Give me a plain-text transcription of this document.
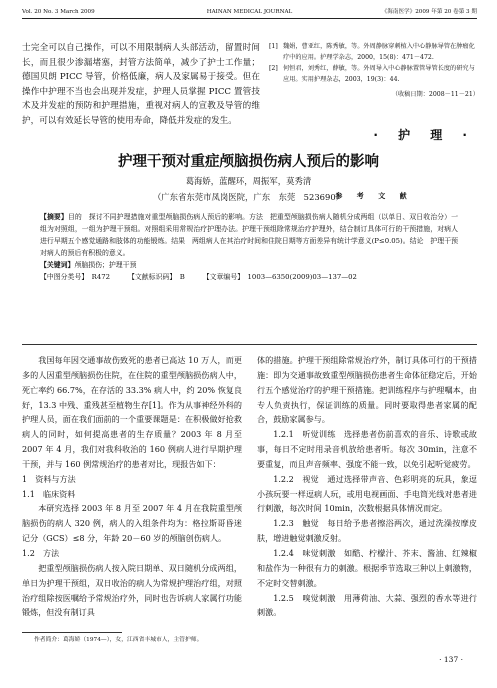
Vol. 20 No. 3 March 2009	HAINAN MEDICAL JOURNAL	《海南医学》2009 年第 20 卷第 3 期

士完全可以自己操作，可以不用限制病人头部活动，留置时间长，而且很少渗漏堵塞，封管方法简单，减少了护士工作量；德国贝朗 PICC 导管，价格低廉，病人及家属易于接受。但在操作中护理不当也会出现并发症，护理人员掌握 PICC 置管技术及并发症的预防和护理措施，重视对病人的宣教及导管的维护，可以有效延长导管的使用寿命，降低并发症的发生。

参 考 文 献
[1] 魏娟，曹亚红，陈秀敏，等。外周静脉穿刺植入中心静脉导管在肿瘤化疗中的应用。护理学杂志，2000，15(8)：471－472.
[2] 何恒君，刘秀红，薛敏，等。外周导入中心静脉置管导管长度的研究与应用。实用护理杂志，2003，19(3)：44.
（收稿日期：2008－11－21）
· 护 理 ·
护理干预对重症颅脑损伤病人预后的影响
葛海娇，蓝醒环，周振军，莫秀清
（广东省东莞市凤岗医院，广东　东莞　523690）

【摘要】目的　探讨不同护理措施对重型颅脑损伤病人预后的影响。方法　把重型颅脑损伤病人随机分成两组（以单日、双日收治分）一组为对照组，一组为护理干预组。对照组采用常规治疗护理办法。护理干预组除常规治疗护理外，结合制订具体可行的干预措施，对病人进行早期五个感觉通路和肢体的功能锻炼。结果　两组病人在其治疗时间和住院日期等方面差异有统计学意义(P≤0.05)。结论　护理干预对病人的预后有积极的意义。

【关键词】颅脑损伤；护理干预

【中图分类号】　R472	【文献标识码】　B	【文章编号】　1003—6350(2009)03—137—02

我国每年因交通事故伤致死的患者已高达 10 万人，而更多的人因重型颅脑损伤住院，在住院的重型颅脑损伤病人中，死亡率约 66.7%，在存活的 33.3% 病人中，约 20% 恢复良好，13.3 中残、重残甚至植物生存[1]。作为从事神经外科的护理人员，面在我们面前的一个重要课题是：在积极做好抢救病人的同时，如何提高患者的生存质量？2003 年 8 月至 2007 年 4 月，我们对我科收治的 160 例病人进行早期护理干预，并与 160 例常规治疗的患者对比，现报告如下：

1　资料与方法

1.1　临床资料

本研究选择 2003 年 8 月至 2007 年 4 月在我院重型颅脑损伤的病人 320 例，病人的入组条件均为：格拉斯哥昏迷记分（GCS）≤8 分，年龄 20－60 岁的颅脑创伤病人。

1.2　方法

把重型颅脑损伤病人按入院日期单、双日随机分成两组，单日为护理干预组，双日收治的病人为常规护理治疗组，对照治疗组除按医嘱给予常规治疗外，同时也告诉病人家属行功能锻炼，但没有制订具

体的措施。护理干预组除常规治疗外，制订具体可行的干预措施：即为交通事故致重型颅脑损伤患者生命体征稳定后，开始行五个感觉治疗的护理干预措施。把训练程序与护理嘱本，由专人负责执行，保证训练的质量。同时要取得患者家属的配合，鼓励家属参与。

1.2.1　听觉训练　选择患者伤前喜欢的音乐、诗歌或故事，每日不定时用录音机放给患者听。每次 30min，注意不要重复，而且声音频率、强度不能一致，以免引起听觉疲劳。

1.2.2　视觉　通过选择带声音、色彩明亮的玩具，象逗小孩玩要一样逗病人玩，或用电视画面、手电筒光线对患者进行刺激，每次时间 10min，次数根据具体情况而定。

1.2.3　触觉　每日给予患者擦浴两次，通过洗澡按摩皮肤，增进触觉刺激反射。

1.2.4　味觉刺激　如酷、柠檬汁、芥末、酱油、红辣椒和盐作为一种很有力的刺激。根据季节选取三种以上刺激物，不定时交替刺激。

1.2.5　嗅觉刺激　用薄荷油、大蒜、强烈的香水等进行刺激。

作者简介：葛海娇（1974—），女，江西省丰城市人，主管护师。
· 137 ·
